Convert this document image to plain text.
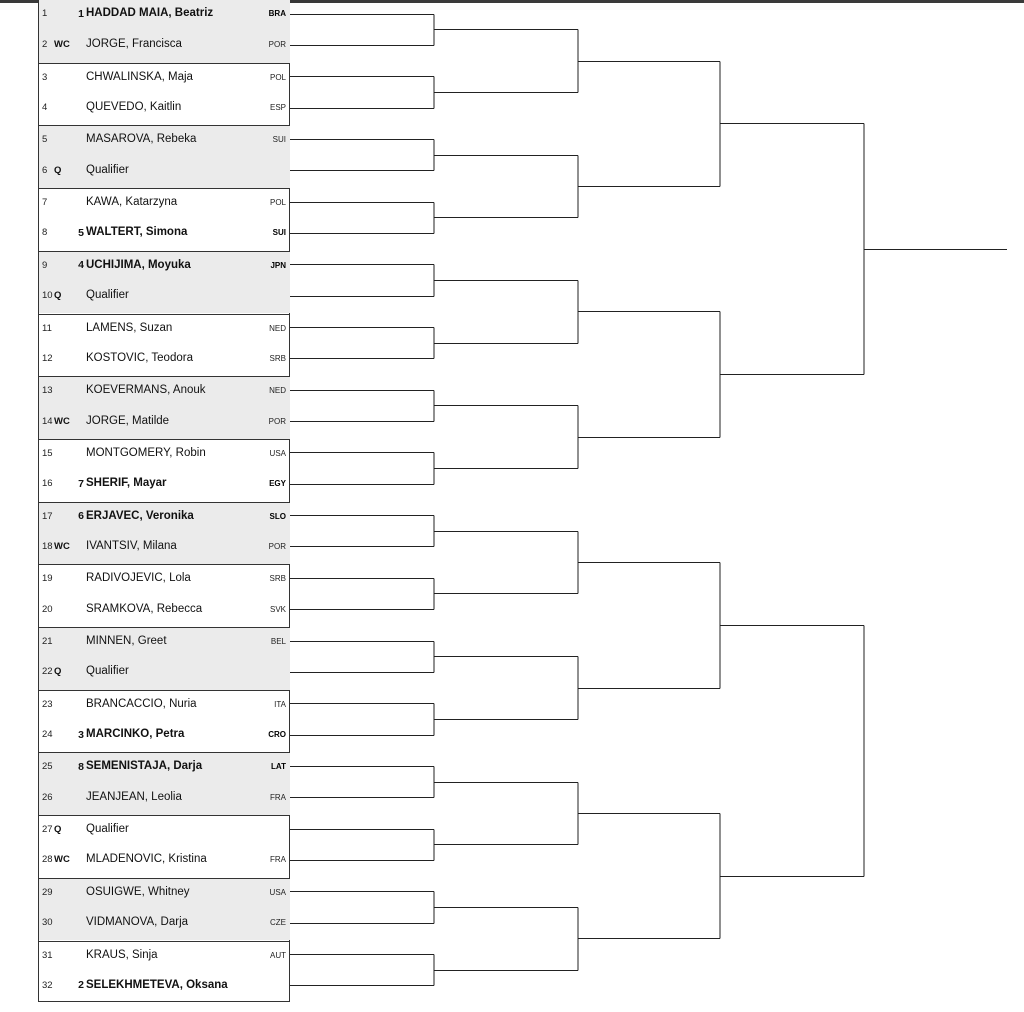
1	1 HADDAD MAIA, Beatriz	BRA
2 WC JORGE, Francisca	POR
3	CHWALINSKA, Maja	POL
4	QUEVEDO, Kaitlin	ESP
5	MASAROVA, Rebeka	SUI
6 Q Qualifier
7	KAWA, Katarzyna	POL
8	5 WALTERT, Simona	SUI
9	4 UCHIJIMA, Moyuka	JPN
10 Q Qualifier
11	LAMENS, Suzan	NED
12	KOSTOVIC, Teodora	SRB
13	KOEVERMANS, Anouk	NED
14 WC JORGE, Matilde	POR
15	MONTGOMERY, Robin	USA
16	7 SHERIF, Mayar	EGY
17	6 ERJAVEC, Veronika	SLO
18 WC IVANTSIV, Milana	POR
19	RADIVOJEVIC, Lola	SRB
20	SRAMKOVA, Rebecca	SVK
21	MINNEN, Greet	BEL
22 Q Qualifier
23	BRANCACCIO, Nuria	ITA
24	3 MARCINKO, Petra	CRO
25	8 SEMENISTAJA, Darja	LAT
26	JEANJEAN, Leolia	FRA
27 Q Qualifier
28 WC MLADENOVIC, Kristina	FRA
29	OSUIGWE, Whitney	USA
30	VIDMANOVA, Darja	CZE
31	KRAUS, Sinja	AUT
32	2 SELEKHMETEVA, Oksana
